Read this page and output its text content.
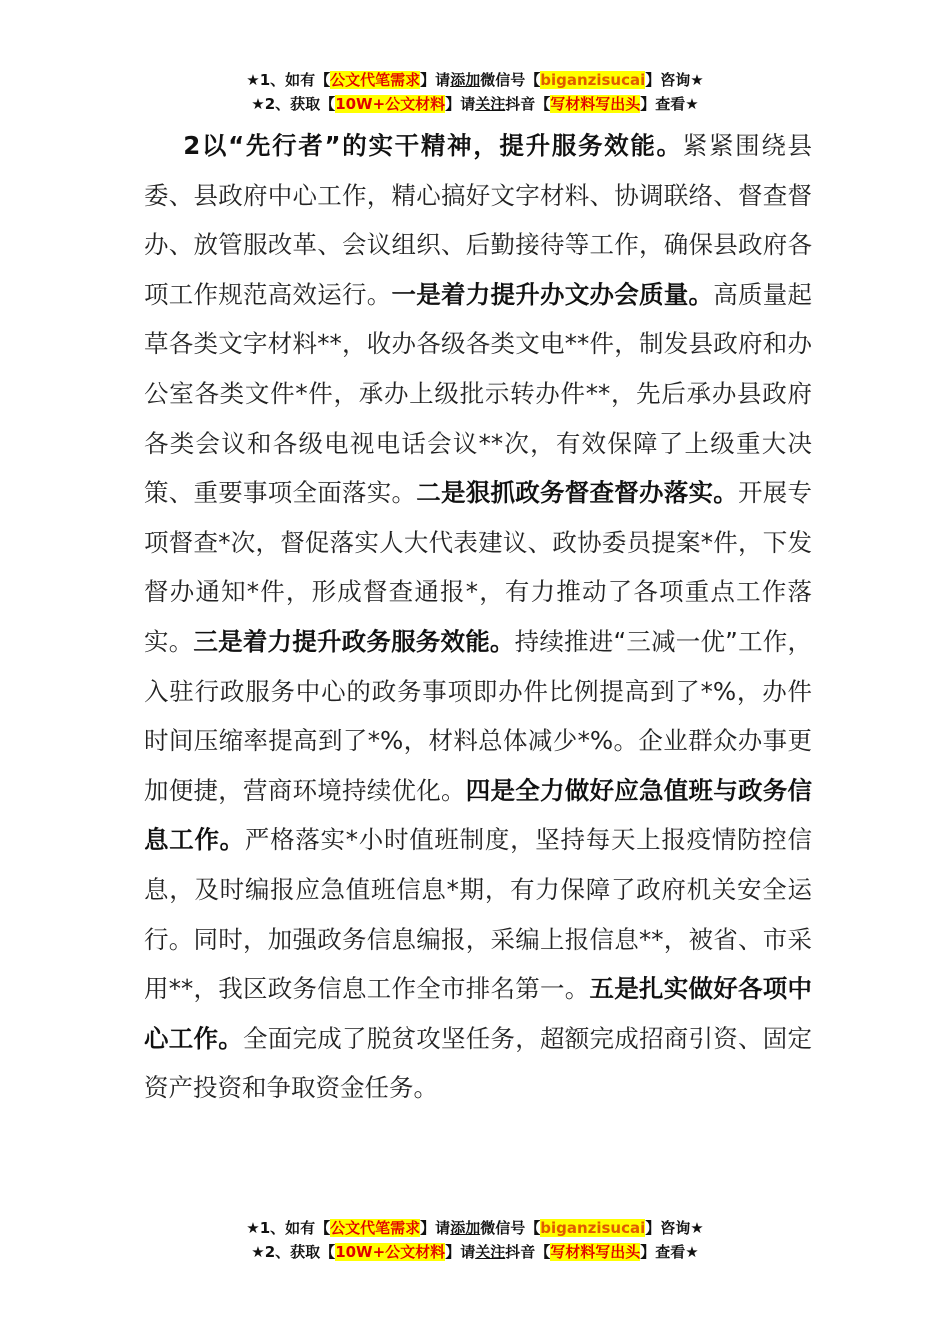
★1、如有【公文代笔需求】请添加微信号【biganzisucai】咨询★
★2、获取【10W+公文材料】请关注抖音【写材料写出头】查看★

2以“先行者”的实干精神，提升服务效能。紧紧围绕县委、县政府中心工作，精心搞好文字材料、协调联络、督查督办、放管服改革、会议组织、后勤接待等工作，确保县政府各项工作规范高效运行。一是着力提升办文办会质量。高质量起草各类文字材料**，收办各级各类文电**件，制发县政府和办公室各类文件*件，承办上级批示转办件**，先后承办县政府各类会议和各级电视电话会议**次，有效保障了上级重大决策、重要事项全面落实。二是狠抓政务督查督办落实。开展专项督查*次，督促落实人大代表建议、政协委员提案*件，下发督办通知*件，形成督查通报*，有力推动了各项重点工作落实。三是着力提升政务服务效能。持续推进“三减一优”工作，入驻行政服务中心的政务事项即办件比例提高到了*%，办件时间压缩率提高到了*%，材料总体减少*%。企业群众办事更加便捷，营商环境持续优化。四是全力做好应急值班与政务信息工作。严格落实*小时值班制度，坚持每天上报疫情防控信息，及时编报应急值班信息*期，有力保障了政府机关安全运行。同时，加强政务信息编报，采编上报信息**，被省、市采用**，我区政务信息工作全市排名第一。五是扎实做好各项中心工作。全面完成了脱贫攻坚任务，超额完成招商引资、固定资产投资和争取资金任务。

★1、如有【公文代笔需求】请添加微信号【biganzisucai】咨询★
★2、获取【10W+公文材料】请关注抖音【写材料写出头】查看★
